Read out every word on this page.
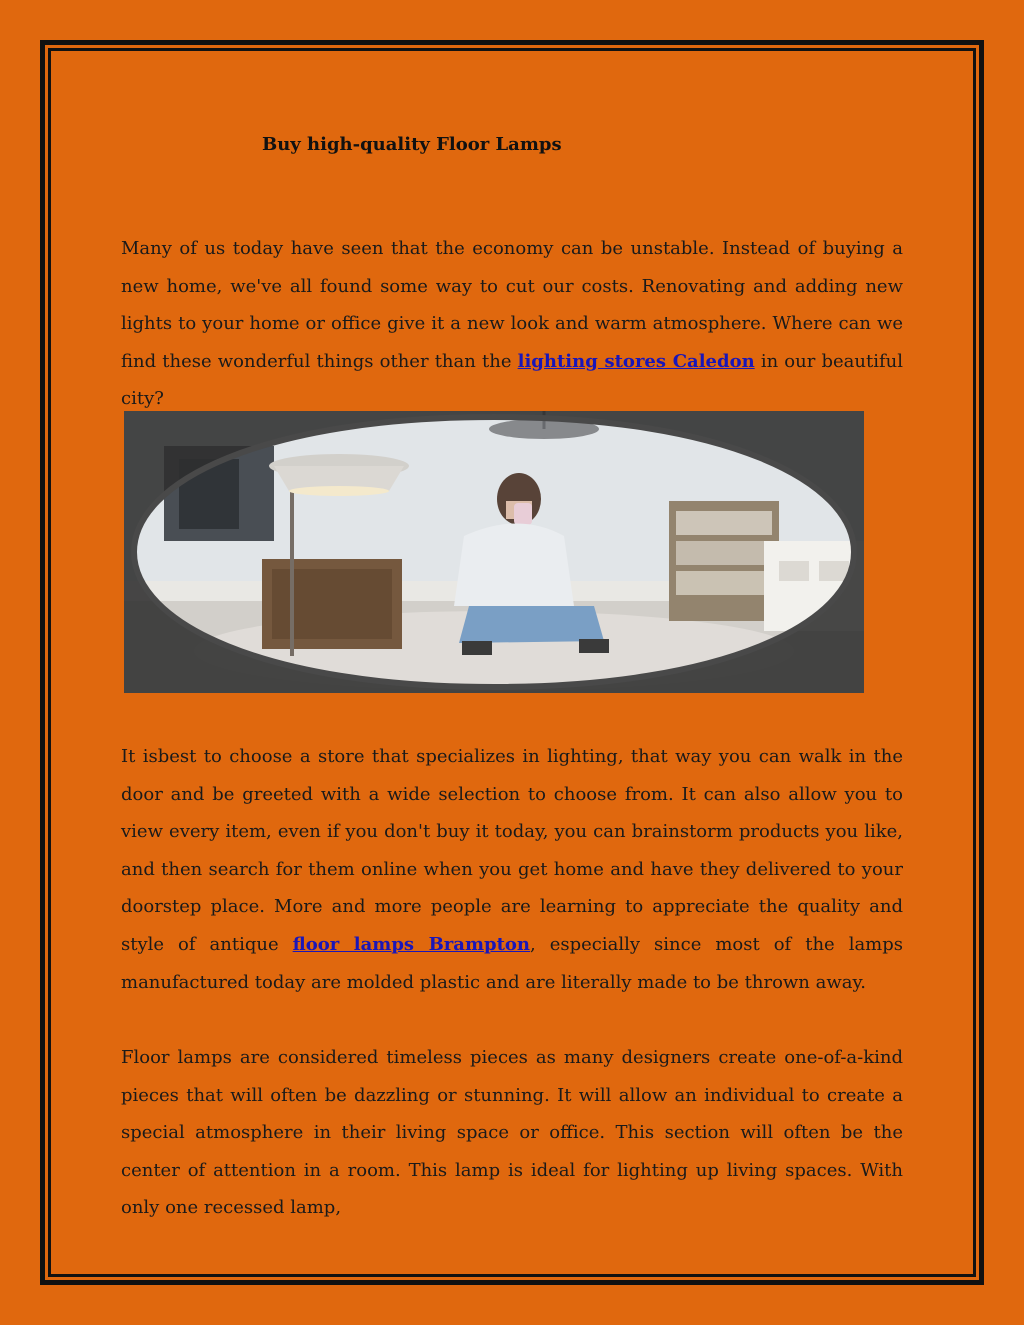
Buy high-quality Floor Lamps

Many of us today have seen that the economy can be unstable. Instead of buying a new home, we've all found some way to cut our costs. Renovating and adding new lights to your home or office give it a new look and warm atmosphere. Where can we find these wonderful things other than the lighting stores Caledon in our beautiful city?

It isbest to choose a store that specializes in lighting, that way you can walk in the door and be greeted with a wide selection to choose from. It can also allow you to view every item, even if you don't buy it today, you can brainstorm products you like, and then search for them online when you get home and have they delivered to your doorstep place. More and more people are learning to appreciate the quality and style of antique floor lamps Brampton, especially since most of the lamps manufactured today are molded plastic and are literally made to be thrown away.

Floor lamps are considered timeless pieces as many designers create one-of-a-kind pieces that will often be dazzling or stunning. It will allow an individual to create a special atmosphere in their living space or office. This section will often be the center of attention in a room. This lamp is ideal for lighting up living spaces. With only one recessed lamp,
